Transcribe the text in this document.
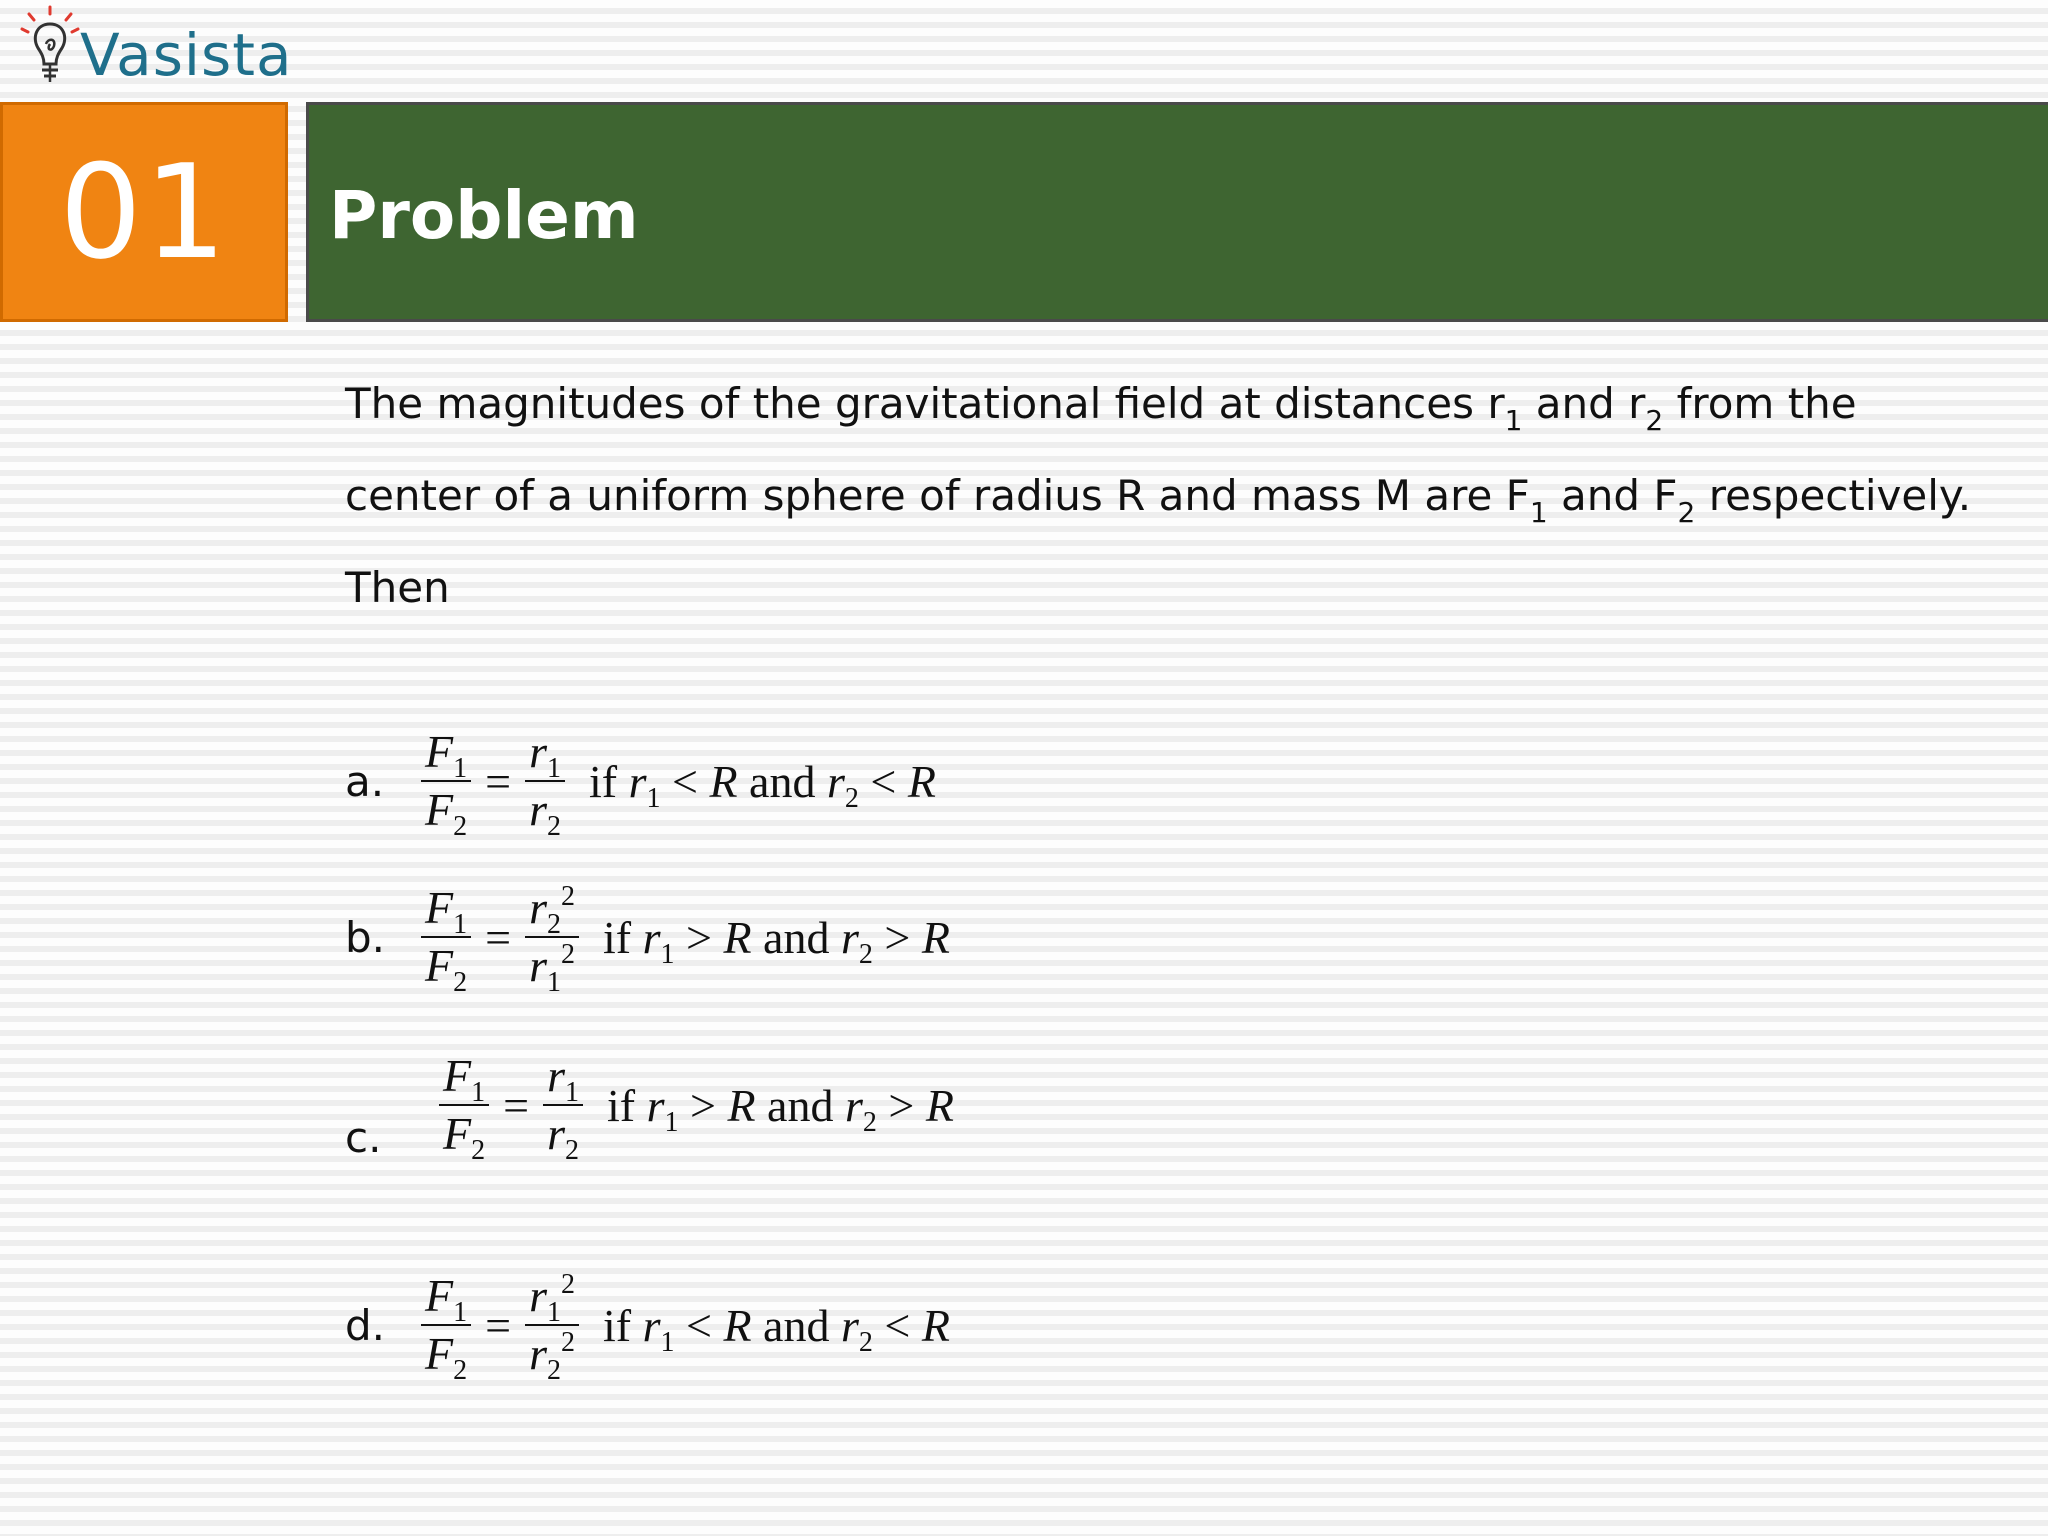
Vasista
01 Problem
The magnitudes of the gravitational field at distances $r_1$ and $r_2$ from the
center of a uniform sphere of radius R and mass M are $F_1$ and $F_2$ respectively.
Then
a. $\frac{F_1}{F_2} = \frac{r_1}{r_2}$ if $r_1 < R$ and $r_2 < R$
b. $\frac{F_1}{F_2} = \frac{r_2^2}{r_1^2}$ if $r_1 > R$ and $r_2 > R$
c.	$\frac{F_1}{F_2} = \frac{r_1}{r_2}$ if $r_1 > R$ and $r_2 > R$
d. $\frac{F_1}{F_2} = \frac{r_1^2}{r_2^2}$ if $r_1 < R$ and $r_2 < R$
